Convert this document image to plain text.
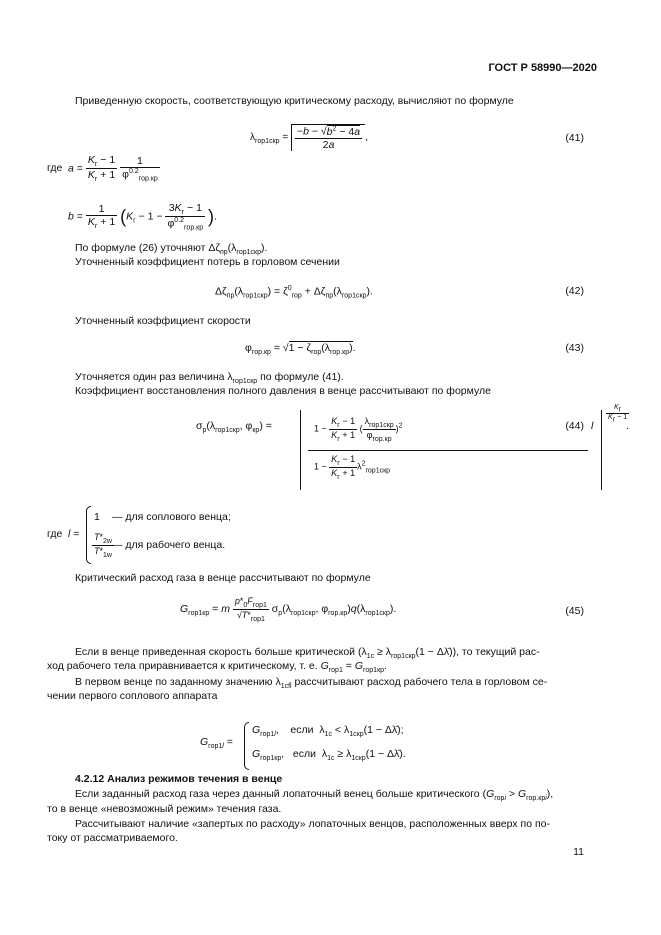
ГОСТ Р 58990—2020
Приведенную скорость, соответствующую критическому расходу, вычисляют по формуле
$\lambda_{гор1скр} = \frac{-b - √b^2 - 4a}{2a}$ ,	(41)
где $a = \frac{K_г - 1}{K_г + 1}$
$\frac{1}{\varphi^{0.2}_{гор.кр}}$
$b = \frac{1}{K_г + 1} (K_г - 1 - \frac{3K_г - 1}{\varphi^{0.2}_{гор.кр}}$ ).
По формуле (26) уточняют $\Delta\zeta_{пр}(\lambda_{гор1скр})$.
Уточненный коэффициент потерь в горловом сечении
$\Delta\zeta_{пр}(\lambda_{гор1скр}) = \zeta^0_{гор} + \Delta\zeta_{пр}(\lambda_{гор1скр})$.	(42)
Уточненный коэффициент скорости
$\varphi_{гор.кр} = √1 - \zeta_{гор}(\lambda_{гор.кр})$.	(43)
Уточняется один раз величина $\lambda_{гор1скр}$ по формуле (41).
Коэффициент восстановления полного давления в венце рассчитывают по формуле
$\sigma_р(\lambda_{гор1скр}$, $\varphi_{кр}$) =	$1 - \frac{K_г - 1}{K_г + 1}$ ( $\frac{\lambda_{гор1скр}}{\varphi_{гор.кр}} )^2$
$1 - \frac{K_г - 1}{K_г + 1} \lambda^2_{гор1скр}$
l
$K_г$
$K_г - 1$
.
(44)
где l =
1 — для соплового венца;
$\frac{T*_{2w}}{T*_{1w}}$
— для рабочего венца.
Критический расход газа в венце рассчитывают по формуле
$G_{гор1кр} = m \frac{p*_0F_{гор1}}{√T*_{гор1}} \sigma_р(\lambda_{гор1скр}$, $\varphi_{гор.кр})q(\lambda_{гор1скр})$.	(45)
Если в венце приведенная скорость больше критической ($\lambda_{1с} \ge \lambda_{гор1скр}(1$ − Δλ̄)), то текущий рас-
ход рабочего тела приравнивается к критическому, т. е. $G_{гор1} = G_{гор1кр}$.
В первом венце по заданному значению $\lambda_{1сfl}$ рассчитывают расход рабочего тела в горловом се-
чении первого соплового аппарата
$G_{гор1l}$ =
$G_{гор1l}$,    если  $\lambda_{1с} < \lambda_{1скр}(1$ − Δλ̄);
$G_{гор1кр}$,   если  $\lambda_{1с} \ge \lambda_{1скр}(1$ − Δλ̄).
4.2.12 Анализ режимов течения в венце
Если заданный расход газа через данный лопаточный венец больше критического $(G_{горi} > G_{гор.крi})$,
то в венце «невозможный режим» течения газа.
Рассчитывают наличие «запертых по расходу» лопаточных венцов, расположенных вверх по по-
току от рассматриваемого.
11
